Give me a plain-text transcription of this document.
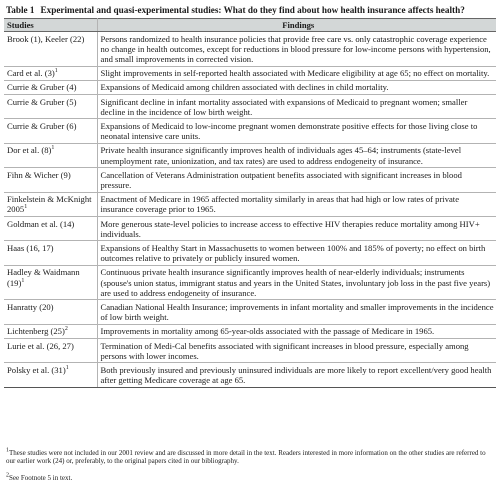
Table 1 Experimental and quasi-experimental studies: What do they find about how health insurance affects health?
Studies	Findings
Brook (1), Keeler (22)	Persons randomized to health insurance policies that provide free care vs. only catastrophic coverage experience no change in health outcomes, except for reductions in blood pressure for low-income persons with hypertension, and small improvements in corrected vision.
Card et al. $(3)^1$	Slight improvements in self-reported health associated with Medicare eligibility at age 65; no effect on mortality.
Currie & Gruber (4)	Expansions of Medicaid among children associated with declines in child mortality.
Currie & Gruber (5)	Significant decline in infant mortality associated with expansions of Medicaid to pregnant women; smaller decline in the incidence of low birth weight.
Currie & Gruber (6)	Expansions of Medicaid to low-income pregnant women demonstrate positive effects for those living close to neonatal intensive care units.
Dor et al. $(8)^1$	Private health insurance significantly improves health of individuals ages 45–64; instruments (state-level unemployment rate, unionization, and tax rates) are used to address endogeneity of insurance.
Fihn & Wicher (9)	Cancellation of Veterans Administration outpatient benefits associated with significant increases in blood pressure.
Finkelstein & McKnight 2005$^1$	Enactment of Medicare in 1965 affected mortality similarly in areas that had high or low rates of private insurance coverage prior to 1965.
Goldman et al. (14)	More generous state-level policies to increase access to effective HIV therapies reduce mortality among HIV+ individuals.
Haas (16, 17)	Expansions of Healthy Start in Massachusetts to women between 100% and 185% of poverty; no effect on birth outcomes relative to privately or publicly insured women.
Hadley & Waidmann $(19)^1$	Continuous private health insurance significantly improves health of near-elderly individuals; instruments (spouse's union status, immigrant status and years in the United States, involuntary job loss in the past five years) are used to address endogeneity of insurance.
Hanratty (20)	Canadian National Health Insurance; improvements in infant mortality and smaller improvements in the incidence of low birth weight.
Lichtenberg $(25)^2$	Improvements in mortality among 65-year-olds associated with the passage of Medicare in 1965.
Lurie et al. (26, 27)	Termination of Medi-Cal benefits associated with significant increases in blood pressure, especially among persons with lower incomes.
Polsky et al. $(31)^1$	Both previously insured and previously uninsured individuals are more likely to report excellent/very good health after getting Medicare coverage at age 65.
$^1$These studies were not included in our 2001 review and are discussed in more detail in the text. Readers interested in more information on the other studies are referred to our earlier work (24) or, preferably, to the original papers cited in our bibliography.
$^2$See Footnote 5 in text.
